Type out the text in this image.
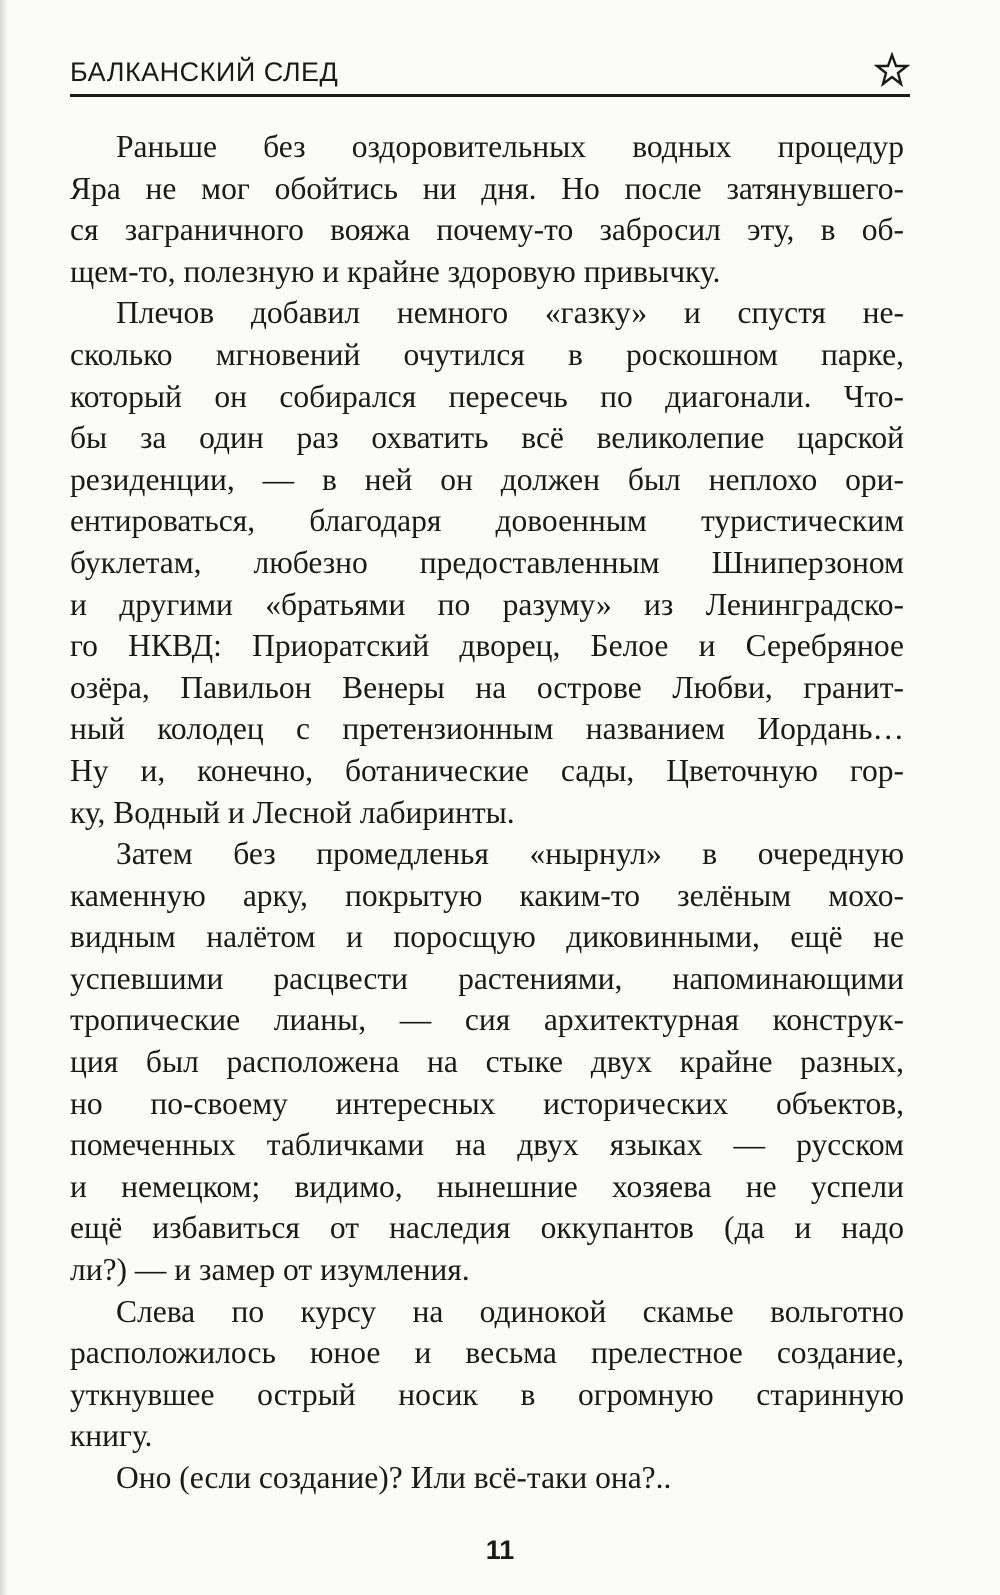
БАЛКАНСКИЙ СЛЕД
Раньше без оздоровительных водных процедур
Яра не мог обойтись ни дня. Но после затянувшего-
ся заграничного вояжа почему-то забросил эту, в об-
щем-то, полезную и крайне здоровую привычку.
Плечов добавил немного «газку» и спустя не-
сколько мгновений очутился в роскошном парке,
который он собирался пересечь по диагонали. Что-
бы за один раз охватить всё великолепие царской
резиденции, — в ней он должен был неплохо ори-
ентироваться, благодаря довоенным туристическим
буклетам, любезно предоставленным Шниперзоном
и другими «братьями по разуму» из Ленинградско-
го НКВД: Приоратский дворец, Белое и Серебряное
озёра, Павильон Венеры на острове Любви, гранит-
ный колодец с претензионным названием Иордань…
Ну и, конечно, ботанические сады, Цветочную гор-
ку, Водный и Лесной лабиринты.
Затем без промедленья «нырнул» в очередную
каменную арку, покрытую каким-то зелёным мохо-
видным налётом и поросщую диковинными, ещё не
успевшими расцвести растениями, напоминающими
тропические лианы, — сия архитектурная конструк-
ция был расположена на стыке двух крайне разных,
но по-своему интересных исторических объектов,
помеченных табличками на двух языках — русском
и немецком; видимо, нынешние хозяева не успели
ещё избавиться от наследия оккупантов (да и надо
ли?) — и замер от изумления.
Слева по курсу на одинокой скамье вольготно
расположилось юное и весьма прелестное создание,
уткнувшее острый носик в огромную старинную
книгу.
Оно (если создание)? Или всё-таки она?..
11
